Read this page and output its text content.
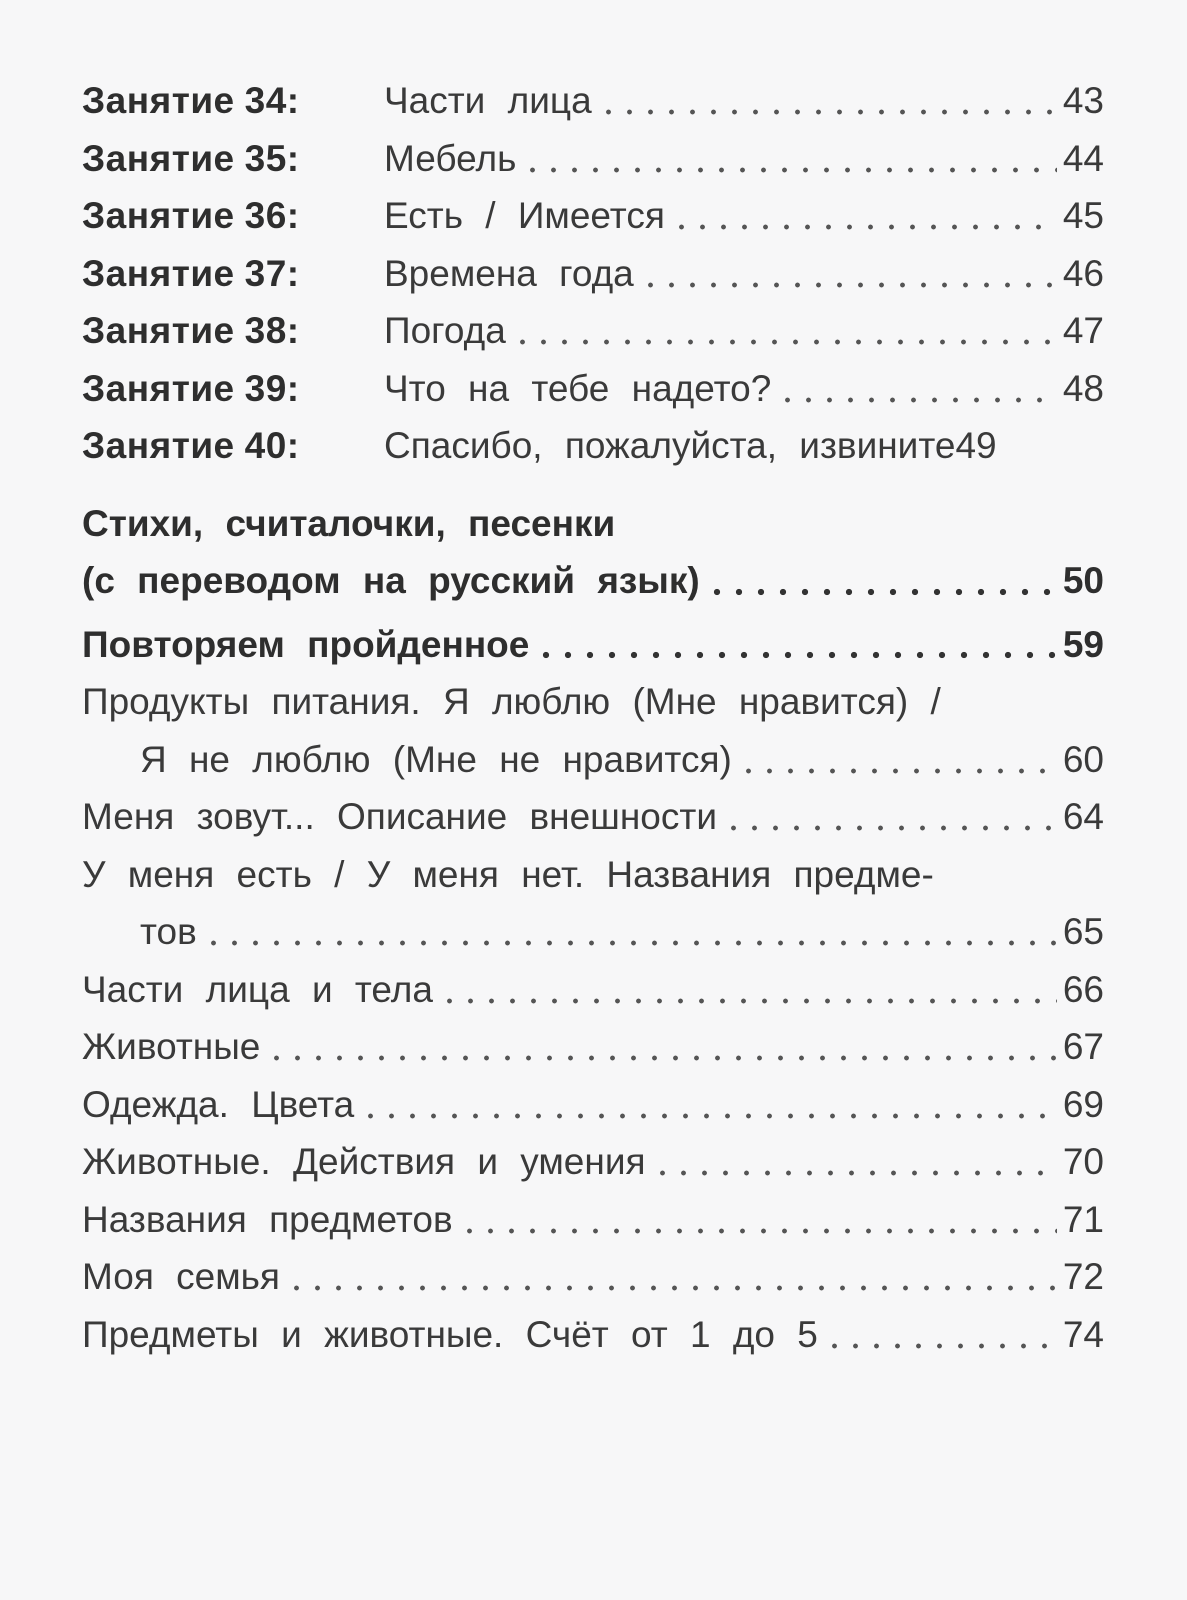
Занятие 34:	Части лица	43
Занятие 35:	Мебель	44
Занятие 36:	Есть / Имеется	45
Занятие 37:	Времена года	46
Занятие 38:	Погода	47
Занятие 39:	Что на тебе надето?	48
Занятие 40:	Спасибо, пожалуйста, извините 49
Стихи, считалочки, песенки
(с переводом на русский язык)	50
Повторяем пройденное	59
Продукты питания. Я люблю (Мне нравится) /
Я не люблю (Мне не нравится)	60
Меня зовут... Описание внешности	64
У меня есть / У меня нет. Названия предме-
тов	65
Части лица и тела	66
Животные	67
Одежда. Цвета	69
Животные. Действия и умения	70
Названия предметов	71
Моя семья	72
Предметы и животные. Счёт от 1 до 5	74
